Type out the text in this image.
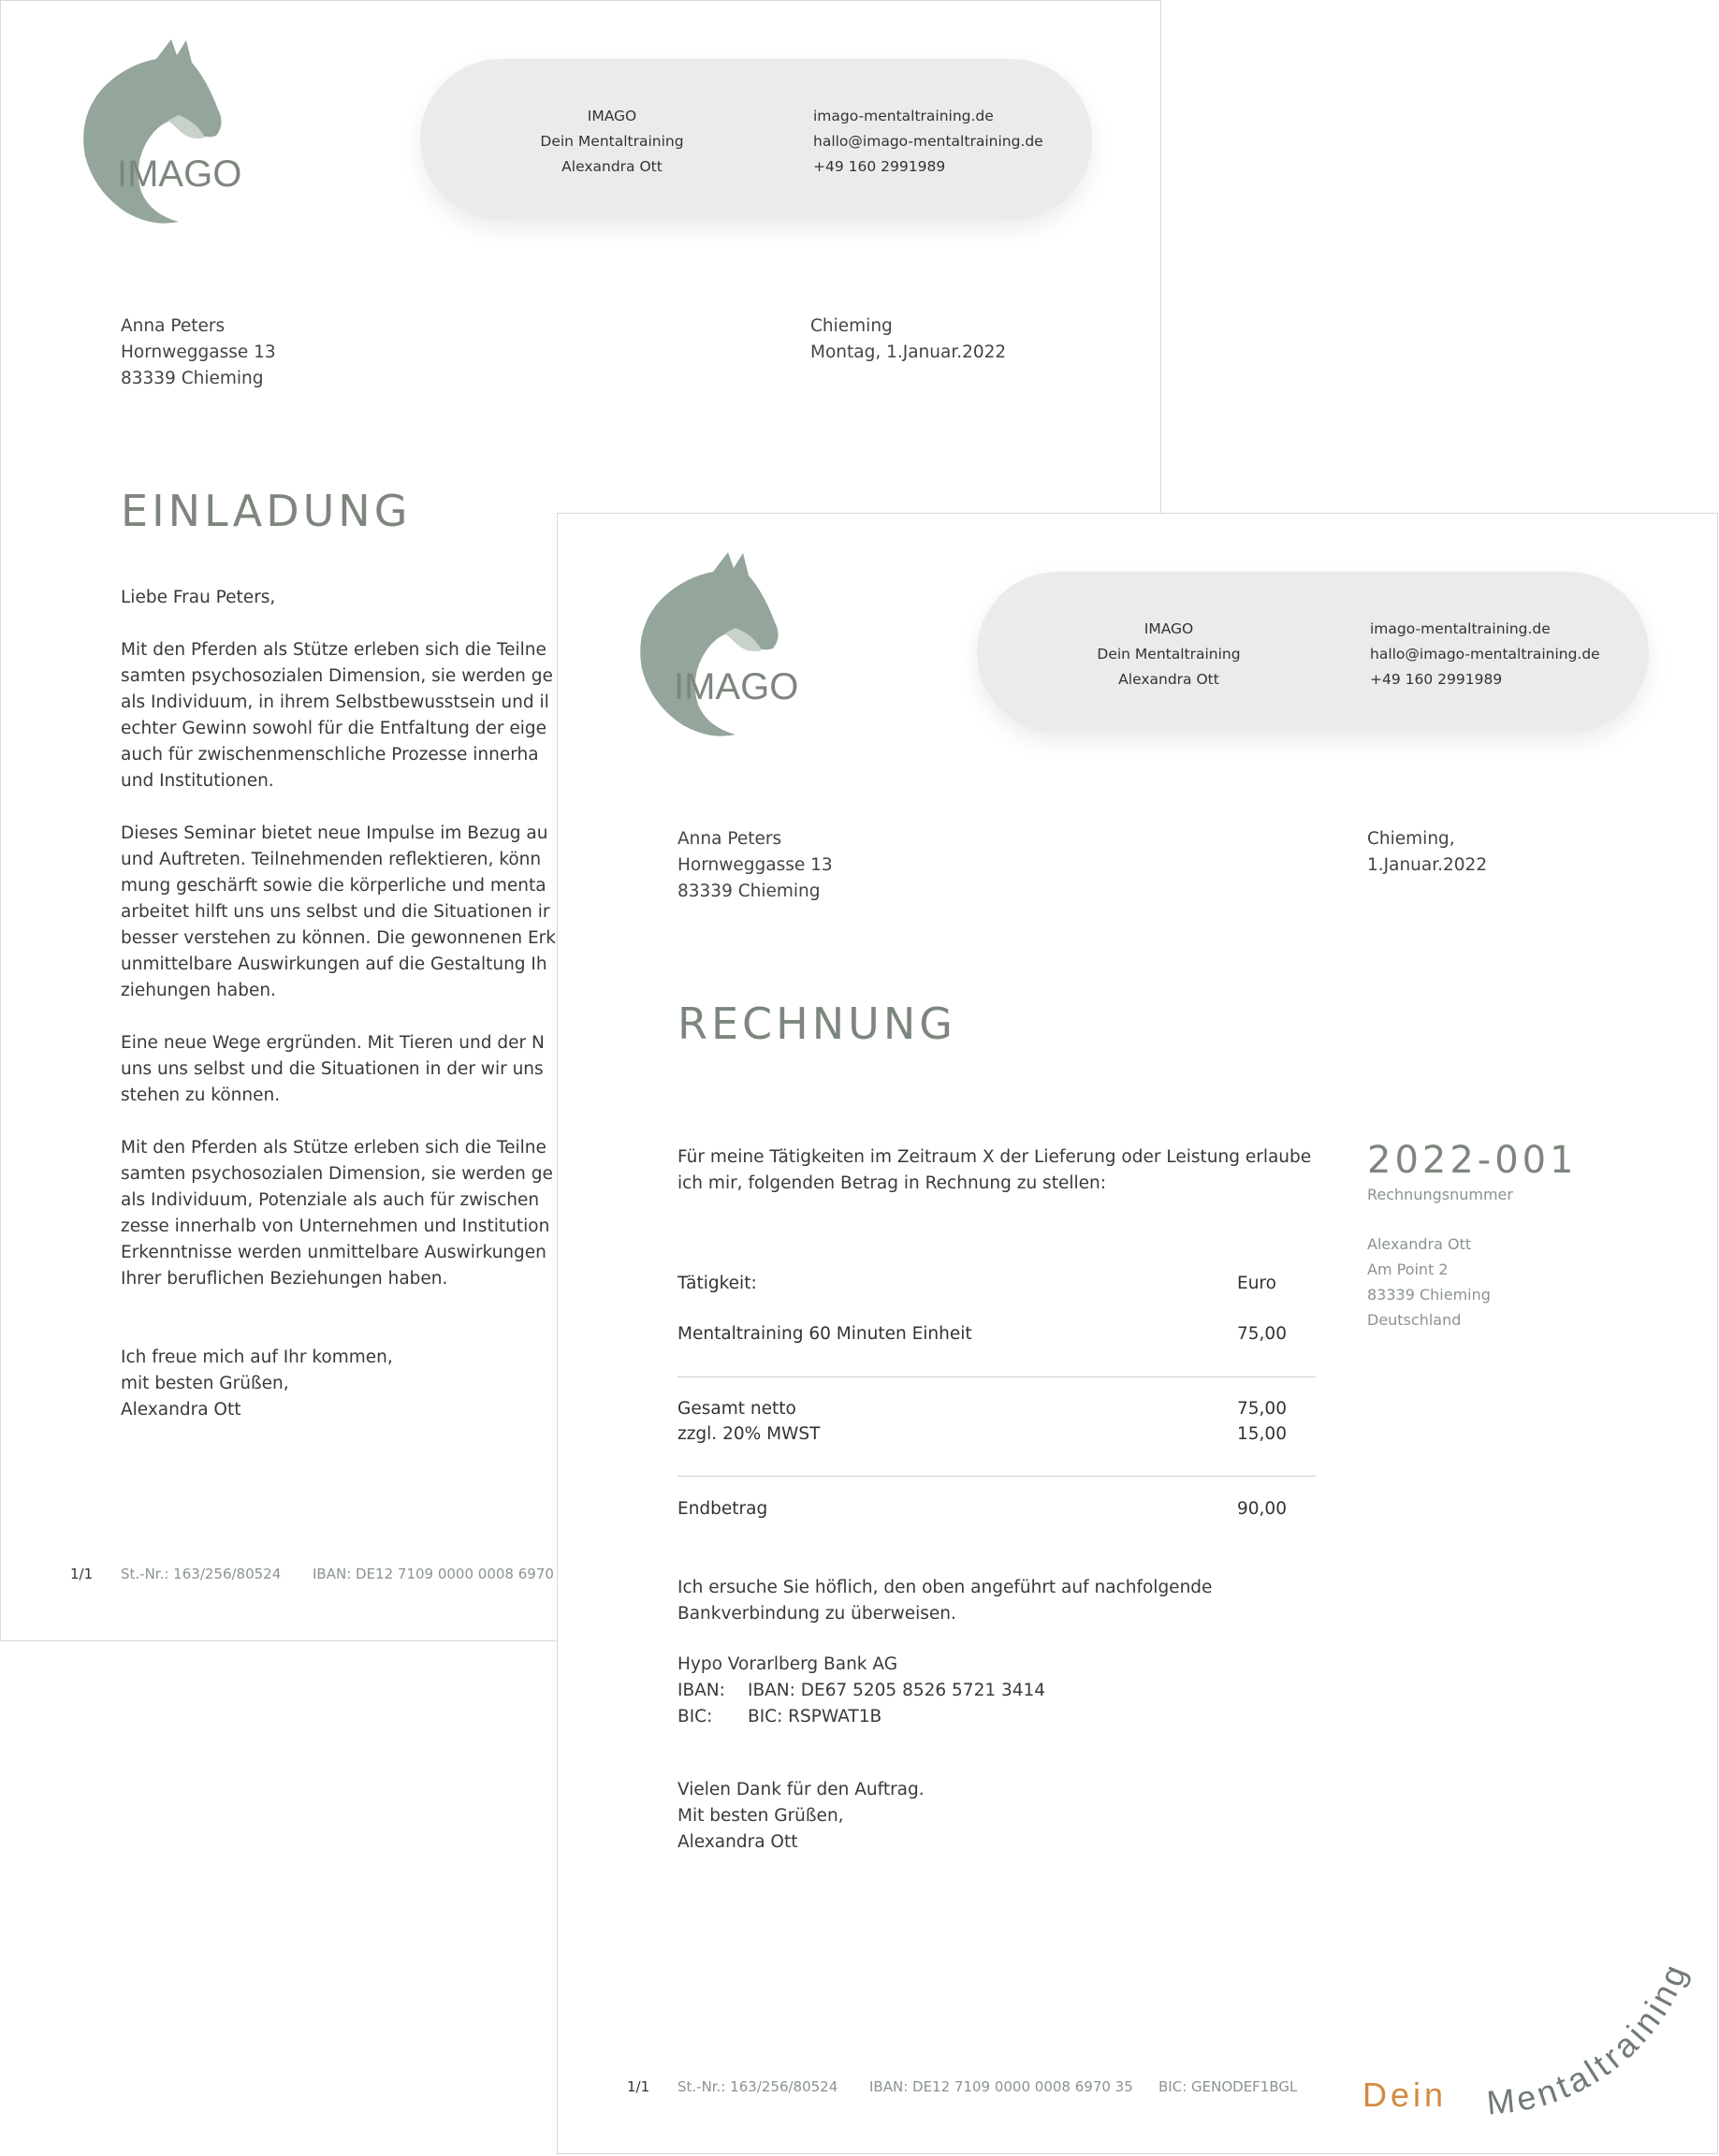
IMAGO
IMAGO
Dein Mentaltraining
Alexandra Ott
imago-mentaltraining.de
hallo@imago-mentaltraining.de
+49 160 2991989
Anna Peters
Hornweggasse 13
83339 Chieming
Chieming
Montag, 1.Januar.2022
EINLADUNG
Liebe Frau Peters,
Mit den Pferden als Stütze erleben sich die Teilne
samten psychosozialen Dimension, sie werden ge
als Individuum, in ihrem Selbstbewusstsein und il
echter Gewinn sowohl für die Entfaltung der eige
auch für zwischenmenschliche Prozesse innerha
und Institutionen.
Dieses Seminar bietet neue Impulse im Bezug au
und Auftreten. Teilnehmenden reflektieren, könn
mung geschärft sowie die körperliche und menta
arbeitet hilft uns uns selbst und die Situationen ir
besser verstehen zu können. Die gewonnenen Erk
unmittelbare Auswirkungen auf die Gestaltung Ih
ziehungen haben.
Eine neue Wege ergründen. Mit Tieren und der N
uns uns selbst und die Situationen in der wir uns
stehen zu können.
Mit den Pferden als Stütze erleben sich die Teilne
samten psychosozialen Dimension, sie werden ge
als Individuum, Potenziale als auch für zwischen
zesse innerhalb von Unternehmen und Institution
Erkenntnisse werden unmittelbare Auswirkungen
Ihrer beruflichen Beziehungen haben.
Ich freue mich auf Ihr kommen,
mit besten Grüßen,
Alexandra Ott
1/1 St.-Nr.: 163/256/80524 IBAN: DE12 7109 0000 0008 6970
IMAGO
IMAGO
Dein Mentaltraining
Alexandra Ott
imago-mentaltraining.de
hallo@imago-mentaltraining.de
+49 160 2991989
Anna Peters
Hornweggasse 13
83339 Chieming
Chieming,
1.Januar.2022
RECHNUNG
Für meine Tätigkeiten im Zeitraum X der Lieferung oder Leistung erlaube
ich mir, folgenden Betrag in Rechnung zu stellen:
Tätigkeit:	Euro
Mentaltraining 60 Minuten Einheit	75,00
Gesamt netto	75,00
zzgl. 20% MWST	15,00
Endbetrag	90,00
Ich ersuche Sie höflich, den oben angeführt auf nachfolgende
Bankverbindung zu überweisen.
Hypo Vorarlberg Bank AG
IBAN: IBAN: DE67 5205 8526 5721 3414
BIC: BIC: RSPWAT1B
Vielen Dank für den Auftrag.
Mit besten Grüßen,
Alexandra Ott
2022-001
Rechnungsnummer
Alexandra Ott
Am Point 2
83339 Chieming
Deutschland
1/1 St.-Nr.: 163/256/80524 IBAN: DE12 7109 0000 0008 6970 35 BIC: GENODEF1BGL Dein Mentaltraining
